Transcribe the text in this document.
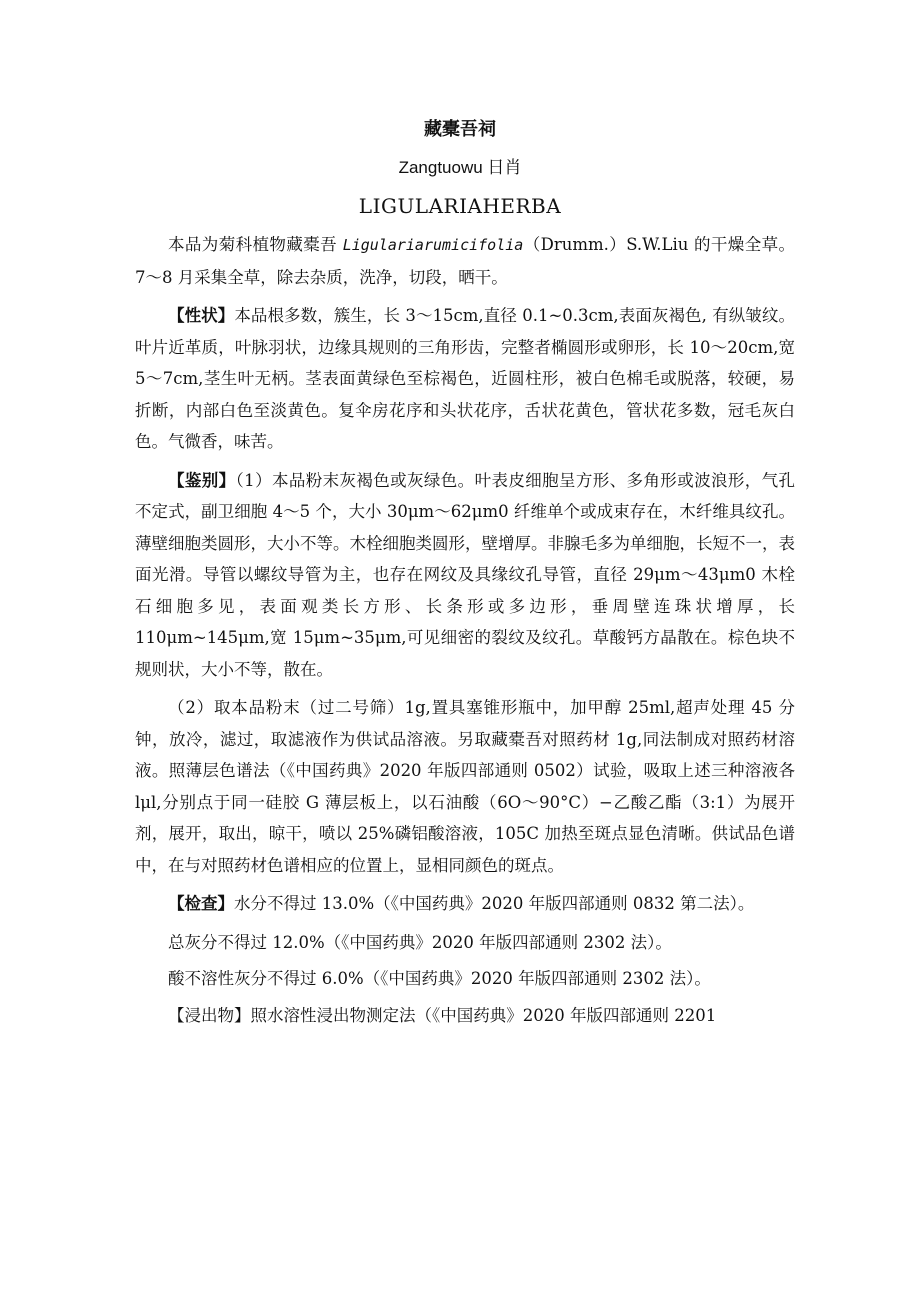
藏橐吾祠
Zangtuowu 日肖
LIGULARIAHERBA

本品为菊科植物藏橐吾 Ligulariarumicifolia（Drumm.）S.W.Liu 的干燥全草。7～8 月采集全草，除去杂质，洗净，切段，晒干。

【性状】本品根多数，簇生，长 3～15cm,直径 0.1~0.3cm,表面灰褐色, 有纵皱纹。叶片近革质，叶脉羽状，边缘具规则的三角形齿，完整者椭圆形或卵形，长 10～20cm,宽 5～7cm,茎生叶无柄。茎表面黄绿色至棕褐色，近圆柱形，被白色棉毛或脱落，较硬，易折断，内部白色至淡黄色。复伞房花序和头状花序，舌状花黄色，管状花多数，冠毛灰白色。气微香，味苦。

【鉴别】（1）本品粉末灰褐色或灰绿色。叶表皮细胞呈方形、多角形或波浪形，气孔不定式，副卫细胞 4～5 个，大小 30μm～62μm0 纤维单个或成束存在，木纤维具纹孔。薄壁细胞类圆形，大小不等。木栓细胞类圆形，壁增厚。非腺毛多为单细胞，长短不一，表面光滑。导管以螺纹导管为主，也存在网纹及具缘纹孔导管，直径 29μm～43μm0 木栓石细胞多见，表面观类长方形、长条形或多边形，垂周壁连珠状增厚，长 110μm~145μm,宽 15μm~35μm,可见细密的裂纹及纹孔。草酸钙方晶散在。棕色块不规则状，大小不等，散在。

（2）取本品粉末（过二号筛）1g,置具塞锥形瓶中，加甲醇 25ml,超声处理 45 分钟，放冷，滤过，取滤液作为供试品溶液。另取藏橐吾对照药材 1g,同法制成对照药材溶液。照薄层色谱法（《中国药典》2020 年版四部通则 0502）试验，吸取上述三种溶液各 lμl,分别点于同一硅胶 G 薄层板上，以石油酸（6O～90°C）−乙酸乙酯（3:1）为展开剂，展开，取出，晾干，喷以 25%磷铝酸溶液，105C 加热至斑点显色清晰。供试品色谱中，在与对照药材色谱相应的位置上，显相同颜色的斑点。

【检查】水分不得过 13.0%（《中国药典》2020 年版四部通则 0832 第二法）。

总灰分不得过 12.0%（《中国药典》2020 年版四部通则 2302 法）。

酸不溶性灰分不得过 6.0%（《中国药典》2020 年版四部通则 2302 法）。

【浸出物】照水溶性浸出物测定法（《中国药典》2020 年版四部通则 2201
